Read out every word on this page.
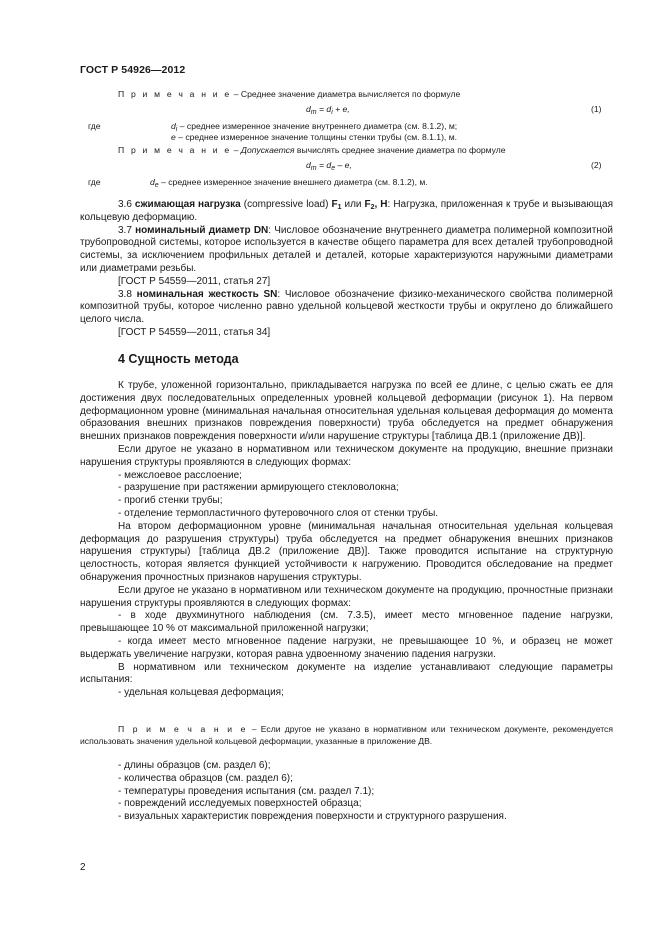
ГОСТ Р 54926—2012
П р и м е ч а н и е – Среднее значение диаметра вычисляется по формуле
$d_m = d_i + e$,	(1)
где	$d_i$ – среднее измеренное значение внутреннего диаметра (см. 8.1.2), м;
e – среднее измеренное значение толщины стенки трубы (см. 8.1.1), м.
П р и м е ч а н и е – Допускается вычислять среднее значение диаметра по формуле
$d_m = d_e - e$,	(2)
где	$d_e$ – среднее измеренное значение внешнего диаметра (см. 8.1.2), м.

3.6 сжимающая нагрузка (compressive load) $F_1$ или $F_2$, Н: Нагрузка, приложенная к трубе и вызывающая кольцевую деформацию.

3.7 номинальный диаметр DN: Числовое обозначение внутреннего диаметра полимерной композитной трубопроводной системы, которое используется в качестве общего параметра для всех деталей трубопроводной системы, за исключением профильных деталей и деталей, которые характеризуются наружными диаметрами или диаметрами резьбы.

[ГОСТ Р 54559—2011, статья 27]

3.8 номинальная жесткость SN: Числовое обозначение физико-механического свойства полимерной композитной трубы, которое численно равно удельной кольцевой жесткости трубы и округлено до ближайшего целого числа.

[ГОСТ Р 54559—2011, статья 34]

4 Сущность метода

К трубе, уложенной горизонтально, прикладывается нагрузка по всей ее длине, с целью сжать ее для достижения двух последовательных определенных уровней кольцевой деформации (рисунок 1). На первом деформационном уровне (минимальная начальная относительная удельная кольцевая деформация до момента образования внешних признаков повреждения поверхности) труба обследуется на предмет обнаружения внешних признаков повреждения поверхности и/или нарушение структуры [таблица ДВ.1 (приложение ДВ)].

Если другое не указано в нормативном или техническом документе на продукцию, внешние признаки нарушения структуры проявляются в следующих формах:

- межслоевое расслоение;

- разрушение при растяжении армирующего стекловолокна;

- прогиб стенки трубы;

- отделение термопластичного футеровочного слоя от стенки трубы.

На втором деформационном уровне (минимальная начальная относительная удельная кольцевая деформация до разрушения структуры) труба обследуется на предмет обнаружения внешних признаков нарушения структуры) [таблица ДВ.2 (приложение ДВ)]. Также проводится испытание на структурную целостность, которая является функцией устойчивости к нагружению. Проводится обследование на предмет обнаружения прочностных признаков нарушения структуры.

Если другое не указано в нормативном или техническом документе на продукцию, прочностные признаки нарушения структуры проявляются в следующих формах:

- в ходе двухминутного наблюдения (см. 7.3.5), имеет место мгновенное падение нагрузки, превышающее 10 % от максимальной приложенной нагрузки;

- когда имеет место мгновенное падение нагрузки, не превышающее 10 %, и образец не может выдержать увеличение нагрузки, которая равна удвоенному значению падения нагрузки.

В нормативном или техническом документе на изделие устанавливают следующие параметры испытания:

- удельная кольцевая деформация;

П р и м е ч а н и е – Если другое не указано в нормативном или техническом документе, рекомендуется использовать значения удельной кольцевой деформации, указанные в приложение ДВ.

- длины образцов (см. раздел 6);

- количества образцов (см. раздел 6);

- температуры проведения испытания (см. раздел 7.1);

- повреждений исследуемых поверхностей образца;

- визуальных характеристик повреждения поверхности и структурного разрушения.

2
